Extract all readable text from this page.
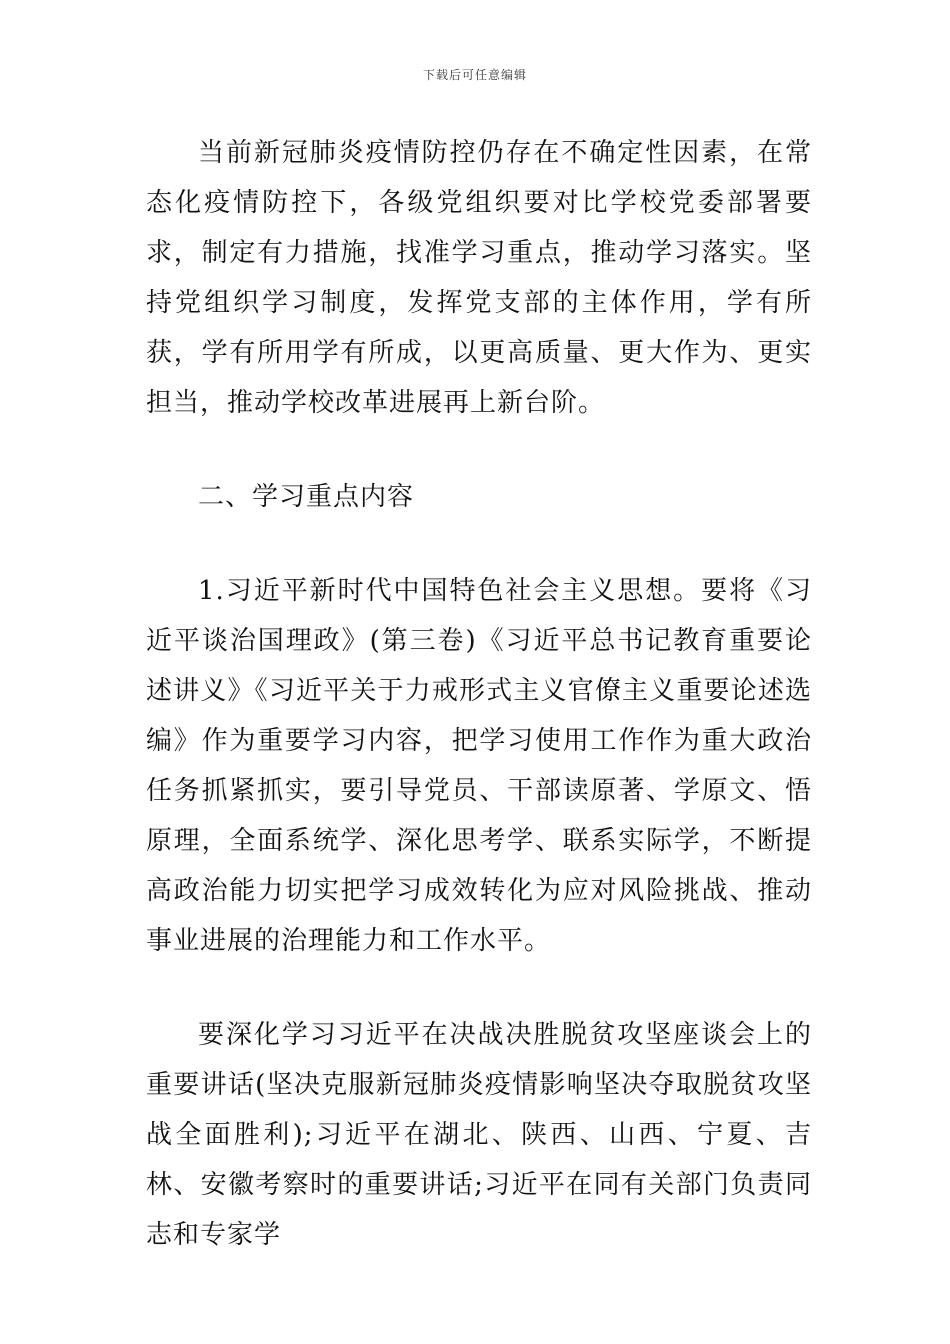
下载后可任意编辑

当前新冠肺炎疫情防控仍存在不确定性因素，在常态化疫情防控下，各级党组织要对比学校党委部署要求，制定有力措施，找准学习重点，推动学习落实。坚持党组织学习制度，发挥党支部的主体作用，学有所获，学有所用学有所成，以更高质量、更大作为、更实担当，推动学校改革进展再上新台阶。

二、学习重点内容

1.习近平新时代中国特色社会主义思想。要将《习近平谈治国理政》(第三卷)《习近平总书记教育重要论述讲义》《习近平关于力戒形式主义官僚主义重要论述选编》作为重要学习内容，把学习使用工作作为重大政治任务抓紧抓实，要引导党员、干部读原著、学原文、悟原理，全面系统学、深化思考学、联系实际学，不断提高政治能力切实把学习成效转化为应对风险挑战、推动事业进展的治理能力和工作水平。

要深化学习习近平在决战决胜脱贫攻坚座谈会上的重要讲话(坚决克服新冠肺炎疫情影响坚决夺取脱贫攻坚战全面胜利);习近平在湖北、陕西、山西、宁夏、吉林、安徽考察时的重要讲话;习近平在同有关部门负责同志和专家学
